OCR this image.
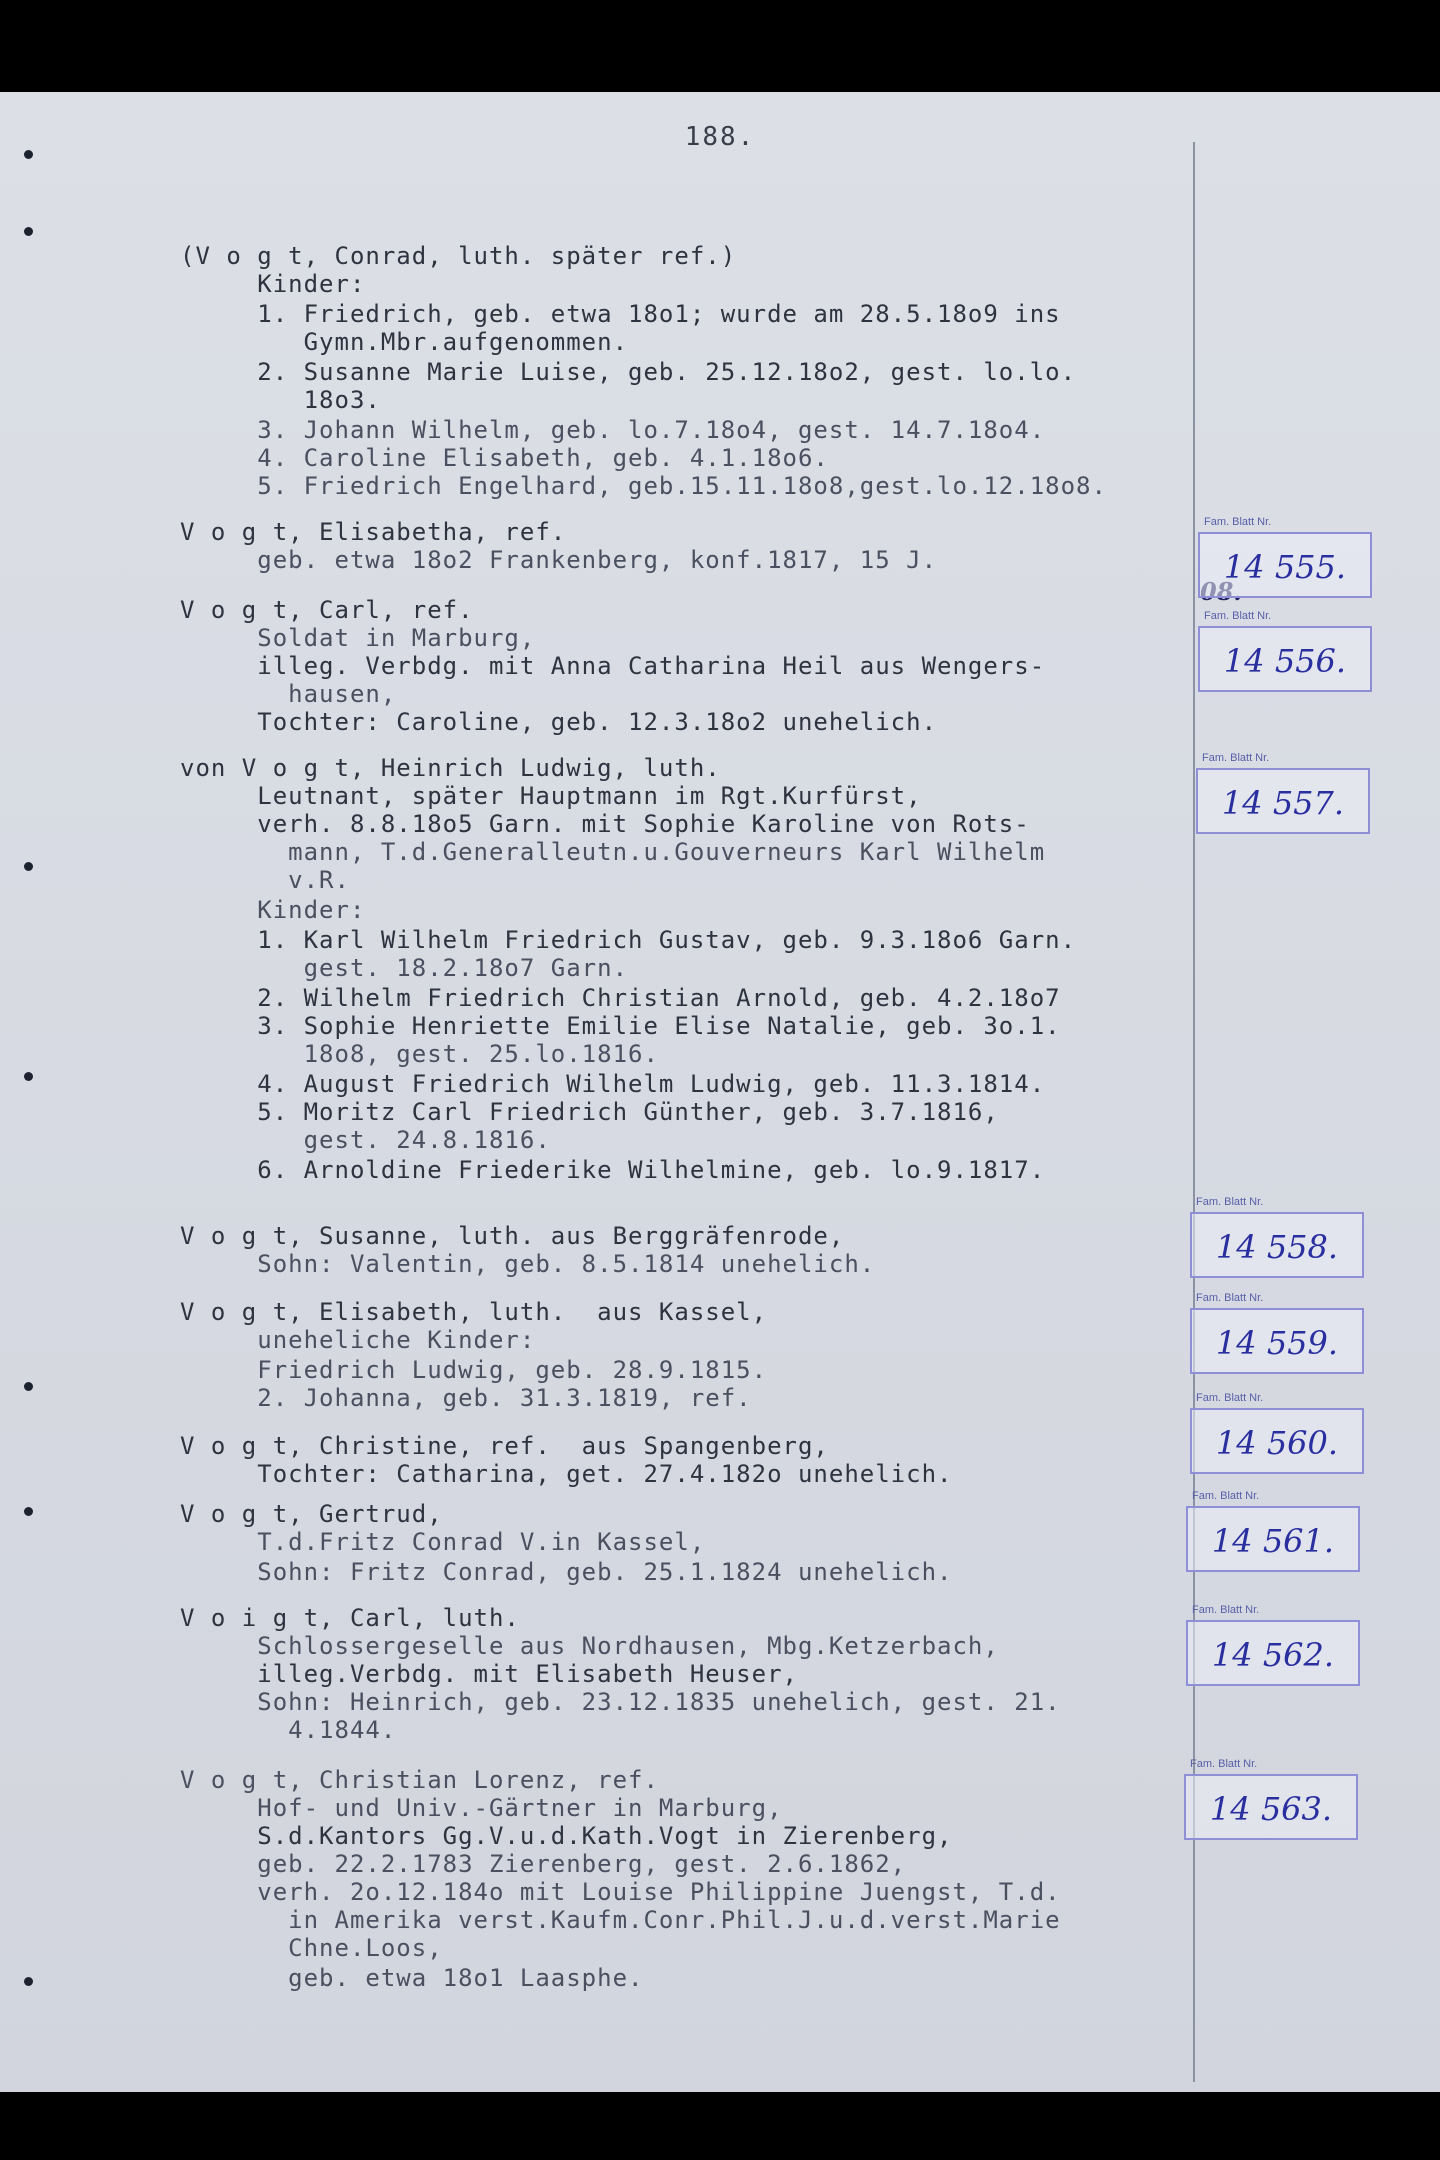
188.
(V o g t, Conrad, luth. später ref.)
Kinder:
1. Friedrich, geb. etwa 18o1; wurde am 28.5.18o9 ins
Gymn.Mbr.aufgenommen.
2. Susanne Marie Luise, geb. 25.12.18o2, gest. lo.lo.
18o3.
3. Johann Wilhelm, geb. lo.7.18o4, gest. 14.7.18o4.
4. Caroline Elisabeth, geb. 4.1.18o6.
5. Friedrich Engelhard, geb.15.11.18o8,gest.lo.12.18o8.
V o g t, Elisabetha, ref.
geb. etwa 18o2 Frankenberg, konf.1817, 15 J.
V o g t, Carl, ref.
Soldat in Marburg,
illeg. Verbdg. mit Anna Catharina Heil aus Wengers-
hausen,
Tochter: Caroline, geb. 12.3.18o2 unehelich.
von V o g t, Heinrich Ludwig, luth.
Leutnant, später Hauptmann im Rgt.Kurfürst,
verh. 8.8.18o5 Garn. mit Sophie Karoline von Rots-
mann, T.d.Generalleutn.u.Gouverneurs Karl Wilhelm
v.R.
Kinder:
1. Karl Wilhelm Friedrich Gustav, geb. 9.3.18o6 Garn.
gest. 18.2.18o7 Garn.
2. Wilhelm Friedrich Christian Arnold, geb. 4.2.18o7
3. Sophie Henriette Emilie Elise Natalie, geb. 3o.1.
18o8, gest. 25.lo.1816.
4. August Friedrich Wilhelm Ludwig, geb. 11.3.1814.
5. Moritz Carl Friedrich Günther, geb. 3.7.1816,
gest. 24.8.1816.
6. Arnoldine Friederike Wilhelmine, geb. lo.9.1817.
V o g t, Susanne, luth. aus Berggräfenrode,
Sohn: Valentin, geb. 8.5.1814 unehelich.
V o g t, Elisabeth, luth.  aus Kassel,
uneheliche Kinder:
Friedrich Ludwig, geb. 28.9.1815.
2. Johanna, geb. 31.3.1819, ref.
V o g t, Christine, ref.  aus Spangenberg,
Tochter: Catharina, get. 27.4.182o unehelich.
V o g t, Gertrud,
T.d.Fritz Conrad V.in Kassel,
Sohn: Fritz Conrad, geb. 25.1.1824 unehelich.
V o i g t, Carl, luth.
Schlossergeselle aus Nordhausen, Mbg.Ketzerbach,
illeg.Verbdg. mit Elisabeth Heuser,
Sohn: Heinrich, geb. 23.12.1835 unehelich, gest. 21.
4.1844.
V o g t, Christian Lorenz, ref.
Hof- und Univ.-Gärtner in Marburg,
S.d.Kantors Gg.V.u.d.Kath.Vogt in Zierenberg,
geb. 22.2.1783 Zierenberg, gest. 2.6.1862,
verh. 2o.12.184o mit Louise Philippine Juengst, T.d.
in Amerika verst.Kaufm.Conr.Phil.J.u.d.verst.Marie
Chne.Loos,
geb. etwa 18o1 Laasphe.
Fam. Blatt Nr.
14 555.
Fam. Blatt Nr.
14 556.
Fam. Blatt Nr.
14 557.
Fam. Blatt Nr.
14 558.
Fam. Blatt Nr.
14 559.
Fam. Blatt Nr.
14 560.
Fam. Blatt Nr.
14 561.
Fam. Blatt Nr.
14 562.
Fam. Blatt Nr.
14 563.
